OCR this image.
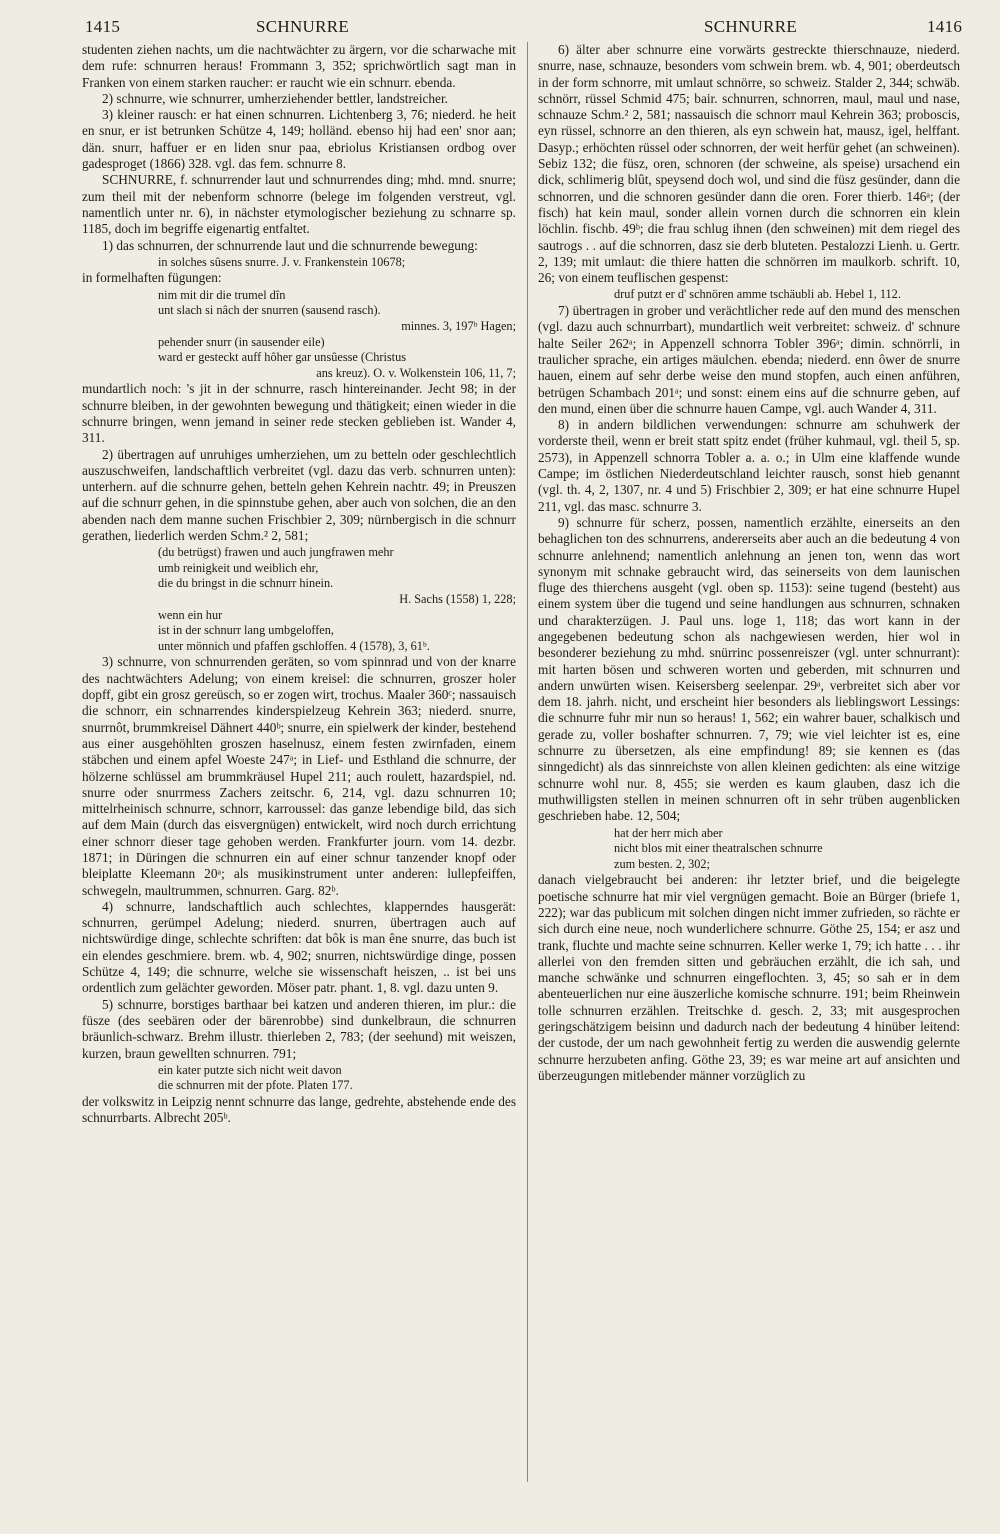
1415	SCHNURRE	SCHNURRE	1416
studenten ziehen nachts, um die nachtwächter zu ärgern, vor die scharwache mit dem rufe: schnurren heraus! Frommann 3, 352; sprichwörtlich sagt man in Franken von einem starken raucher: er raucht wie ein schnurr. ebenda.
2) schnurre, wie schnurrer, umherziehender bettler, landstreicher.
3) kleiner rausch: er hat einen schnurren. Lichtenberg 3, 76; niederd. he heit en snur, er ist betrunken Schütze 4, 149; holländ. ebenso hij had een' snor aan; dän. snurr, haffuer er en liden snur paa, ebriolus Kristiansen ordbog over gadesproget (1866) 328. vgl. das fem. schnurre 8.
SCHNURRE, f. schnurrender laut und schnurrendes ding; mhd. mnd. snurre; zum theil mit der nebenform schnorre (belege im folgenden verstreut, vgl. namentlich unter nr. 6), in nächster etymologischer beziehung zu schnarre sp. 1185, doch im begriffe eigenartig entfaltet.
1) das schnurren, der schnurrende laut und die schnurrende bewegung:
in solches sûsens snurre. J. v. Frankenstein 10678;
in formelhaften fügungen:
nim mit dir die trumel dîn
unt slach si nâch der snurren (sausend rasch).
minnes. 3, 197ᵇ Hagen;
pehender snurr (in sausender eile)
ward er gesteckt auff hôher gar unsûesse (Christus
ans kreuz). O. v. Wolkenstein 106, 11, 7;
mundartlich noch: 's jit in der schnurre, rasch hintereinander. Jecht 98; in der schnurre bleiben, in der gewohnten bewegung und thätigkeit; einen wieder in die schnurre bringen, wenn jemand in seiner rede stecken geblieben ist. Wander 4, 311.
2) übertragen auf unruhiges umherziehen, um zu betteln oder geschlechtlich auszuschweifen, landschaftlich verbreitet (vgl. dazu das verb. schnurren unten): unterhern. auf die schnurre gehen, betteln gehen Kehrein nachtr. 49; in Preuszen auf die schnurr gehen, in die spinnstube gehen, aber auch von solchen, die an den abenden nach dem manne suchen Frischbier 2, 309; nürnbergisch in die schnurr gerathen, liederlich werden Schm.² 2, 581;
(du betrügst) frawen und auch jungfrawen mehr
umb reinigkeit und weiblich ehr,
die du bringst in die schnurr hinein.
H. Sachs (1558) 1, 228;
wenn ein hur
ist in der schnurr lang umbgeloffen,
unter mönnich und pfaffen gschloffen. 4 (1578), 3, 61ᵇ.
3) schnurre, von schnurrenden geräten, so vom spinnrad und von der knarre des nachtwächters Adelung; von einem kreisel: die schnurren, groszer holer dopff, gibt ein grosz gereüsch, so er zogen wirt, trochus. Maaler 360ᶜ; nassauisch die schnorr, ein schnarrendes kinderspielzeug Kehrein 363; niederd. snurre, snurrnôt, brummkreisel Dähnert 440ᵇ; snurre, ein spielwerk der kinder, bestehend aus einer ausgehöhlten groszen haselnusz, einem festen zwirnfaden, einem stäbchen und einem apfel Woeste 247ᵃ; in Lief- und Esthland die schnurre, der hölzerne schlüssel am brummkräusel Hupel 211; auch roulett, hazardspiel, nd. snurre oder snurrmess Zachers zeitschr. 6, 214, vgl. dazu schnurren 10; mittelrheinisch schnurre, schnorr, karroussel: das ganze lebendige bild, das sich auf dem Main (durch das eisvergnügen) entwickelt, wird noch durch errichtung einer schnorr dieser tage gehoben werden. Frankfurter journ. vom 14. dezbr. 1871; in Düringen die schnurren ein auf einer schnur tanzender knopf oder bleiplatte Kleemann 20ᵃ; als musikinstrument unter anderen: lullepfeiffen, schwegeln, maultrummen, schnurren. Garg. 82ᵇ.
4) schnurre, landschaftlich auch schlechtes, klapperndes hausgerät: schnurren, gerümpel Adelung; niederd. snurren, übertragen auch auf nichtswürdige dinge, schlechte schriften: dat bôk is man êne snurre, das buch ist ein elendes geschmiere. brem. wb. 4, 902; snurren, nichtswürdige dinge, possen Schütze 4, 149; die schnurre, welche sie wissenschaft heiszen, .. ist bei uns ordentlich zum gelächter geworden. Möser patr. phant. 1, 8. vgl. dazu unten 9.
5) schnurre, borstiges barthaar bei katzen und anderen thieren, im plur.: die füsze (des seebären oder der bärenrobbe) sind dunkelbraun, die schnurren bräunlich-schwarz. Brehm illustr. thierleben 2, 783; (der seehund) mit weiszen, kurzen, braun gewellten schnurren. 791;
ein kater putzte sich nicht weit davon
die schnurren mit der pfote. Platen 177.
der volkswitz in Leipzig nennt schnurre das lange, gedrehte, abstehende ende des schnurrbarts. Albrecht 205ᵇ.
6) älter aber schnurre eine vorwärts gestreckte thierschnauze, niederd. snurre, nase, schnauze, besonders vom schwein brem. wb. 4, 901; oberdeutsch in der form schnorre, mit umlaut schnörre, so schweiz. Stalder 2, 344; schwäb. schnörr, rüssel Schmid 475; bair. schnurren, schnorren, maul, maul und nase, schnauze Schm.² 2, 581; nassauisch die schnorr maul Kehrein 363; proboscis, eyn rüssel, schnorre an den thieren, als eyn schwein hat, mausz, igel, helffant. Dasyp.; erhöchten rüssel oder schnorren, der weit herfür gehet (an schweinen). Sebiz 132; die füsz, oren, schnoren (der schweine, als speise) ursachend ein dick, schlimerig blût, speysend doch wol, und sind die füsz gesünder, dann die schnorren, und die schnoren gesünder dann die oren. Forer thierb. 146ᵃ; (der fisch) hat kein maul, sonder allein vornen durch die schnorren ein klein löchlin. fischb. 49ᵇ; die frau schlug ihnen (den schweinen) mit dem riegel des sautrogs . . auf die schnorren, dasz sie derb bluteten. Pestalozzi Lienh. u. Gertr. 2, 139; mit umlaut: die thiere hatten die schnörren im maulkorb. schrift. 10, 26; von einem teuflischen gespenst:
druf putzt er d' schnören amme tschäubli ab. Hebel 1, 112.
7) übertragen in grober und verächtlicher rede auf den mund des menschen (vgl. dazu auch schnurrbart), mundartlich weit verbreitet: schweiz. d' schnure halte Seiler 262ᵃ; in Appenzell schnorra Tobler 396ᵃ; dimin. schnörrli, in traulicher sprache, ein artiges mäulchen. ebenda; niederd. enn ôwer de snurre hauen, einem auf sehr derbe weise den mund stopfen, auch einen anführen, betrügen Schambach 201ᵃ; und sonst: einem eins auf die schnurre geben, auf den mund, einen über die schnurre hauen Campe, vgl. auch Wander 4, 311.
8) in andern bildlichen verwendungen: schnurre am schuhwerk der vorderste theil, wenn er breit statt spitz endet (früher kuhmaul, vgl. theil 5, sp. 2573), in Appenzell schnorra Tobler a. a. o.; in Ulm eine klaffende wunde Campe; im östlichen Niederdeutschland leichter rausch, sonst hieb genannt (vgl. th. 4, 2, 1307, nr. 4 und 5) Frischbier 2, 309; er hat eine schnurre Hupel 211, vgl. das masc. schnurre 3.
9) schnurre für scherz, possen, namentlich erzählte, einerseits an den behaglichen ton des schnurrens, andererseits aber auch an die bedeutung 4 von schnurre anlehnend; namentlich anlehnung an jenen ton, wenn das wort synonym mit schnake gebraucht wird, das seinerseits von dem launischen fluge des thierchens ausgeht (vgl. oben sp. 1153): seine tugend (besteht) aus einem system über die tugend und seine handlungen aus schnurren, schnaken und charakterzügen. J. Paul uns. loge 1, 118; das wort kann in der angegebenen bedeutung schon als nachgewiesen werden, hier wol in besonderer beziehung zu mhd. snürrinc possenreiszer (vgl. unter schnurrant): mit harten bösen und schweren worten und geberden, mit schnurren und andern unwürten wisen. Keisersberg seelenpar. 29ᵃ, verbreitet sich aber vor dem 18. jahrh. nicht, und erscheint hier besonders als lieblingswort Lessings: die schnurre fuhr mir nun so heraus! 1, 562; ein wahrer bauer, schalkisch und gerade zu, voller boshafter schnurren. 7, 79; wie viel leichter ist es, eine schnurre zu übersetzen, als eine empfindung! 89; sie kennen es (das sinngedicht) als das sinnreichste von allen kleinen gedichten: als eine witzige schnurre wohl nur. 8, 455; sie werden es kaum glauben, dasz ich die muthwilligsten stellen in meinen schnurren oft in sehr trüben augenblicken geschrieben habe. 12, 504;
hat der herr mich aber
nicht blos mit einer theatralschen schnurre
zum besten. 2, 302;
danach vielgebraucht bei anderen: ihr letzter brief, und die beigelegte poetische schnurre hat mir viel vergnügen gemacht. Boie an Bürger (briefe 1, 222); war das publicum mit solchen dingen nicht immer zufrieden, so rächte er sich durch eine neue, noch wunderlichere schnurre. Göthe 25, 154; er asz und trank, fluchte und machte seine schnurren. Keller werke 1, 79; ich hatte . . . ihr allerlei von den fremden sitten und gebräuchen erzählt, die ich sah, und manche schwänke und schnurren eingeflochten. 3, 45; so sah er in dem abenteuerlichen nur eine äuszerliche komische schnurre. 191; beim Rheinwein tolle schnurren erzählen. Treitschke d. gesch. 2, 33; mit ausgesprochen geringschätzigem beisinn und dadurch nach der bedeutung 4 hinüber leitend: der custode, der um nach gewohnheit fertig zu werden die auswendig gelernte schnurre herzubeten anfing. Göthe 23, 39; es war meine art auf ansichten und überzeugungen mitlebender männer vorzüglich zu
